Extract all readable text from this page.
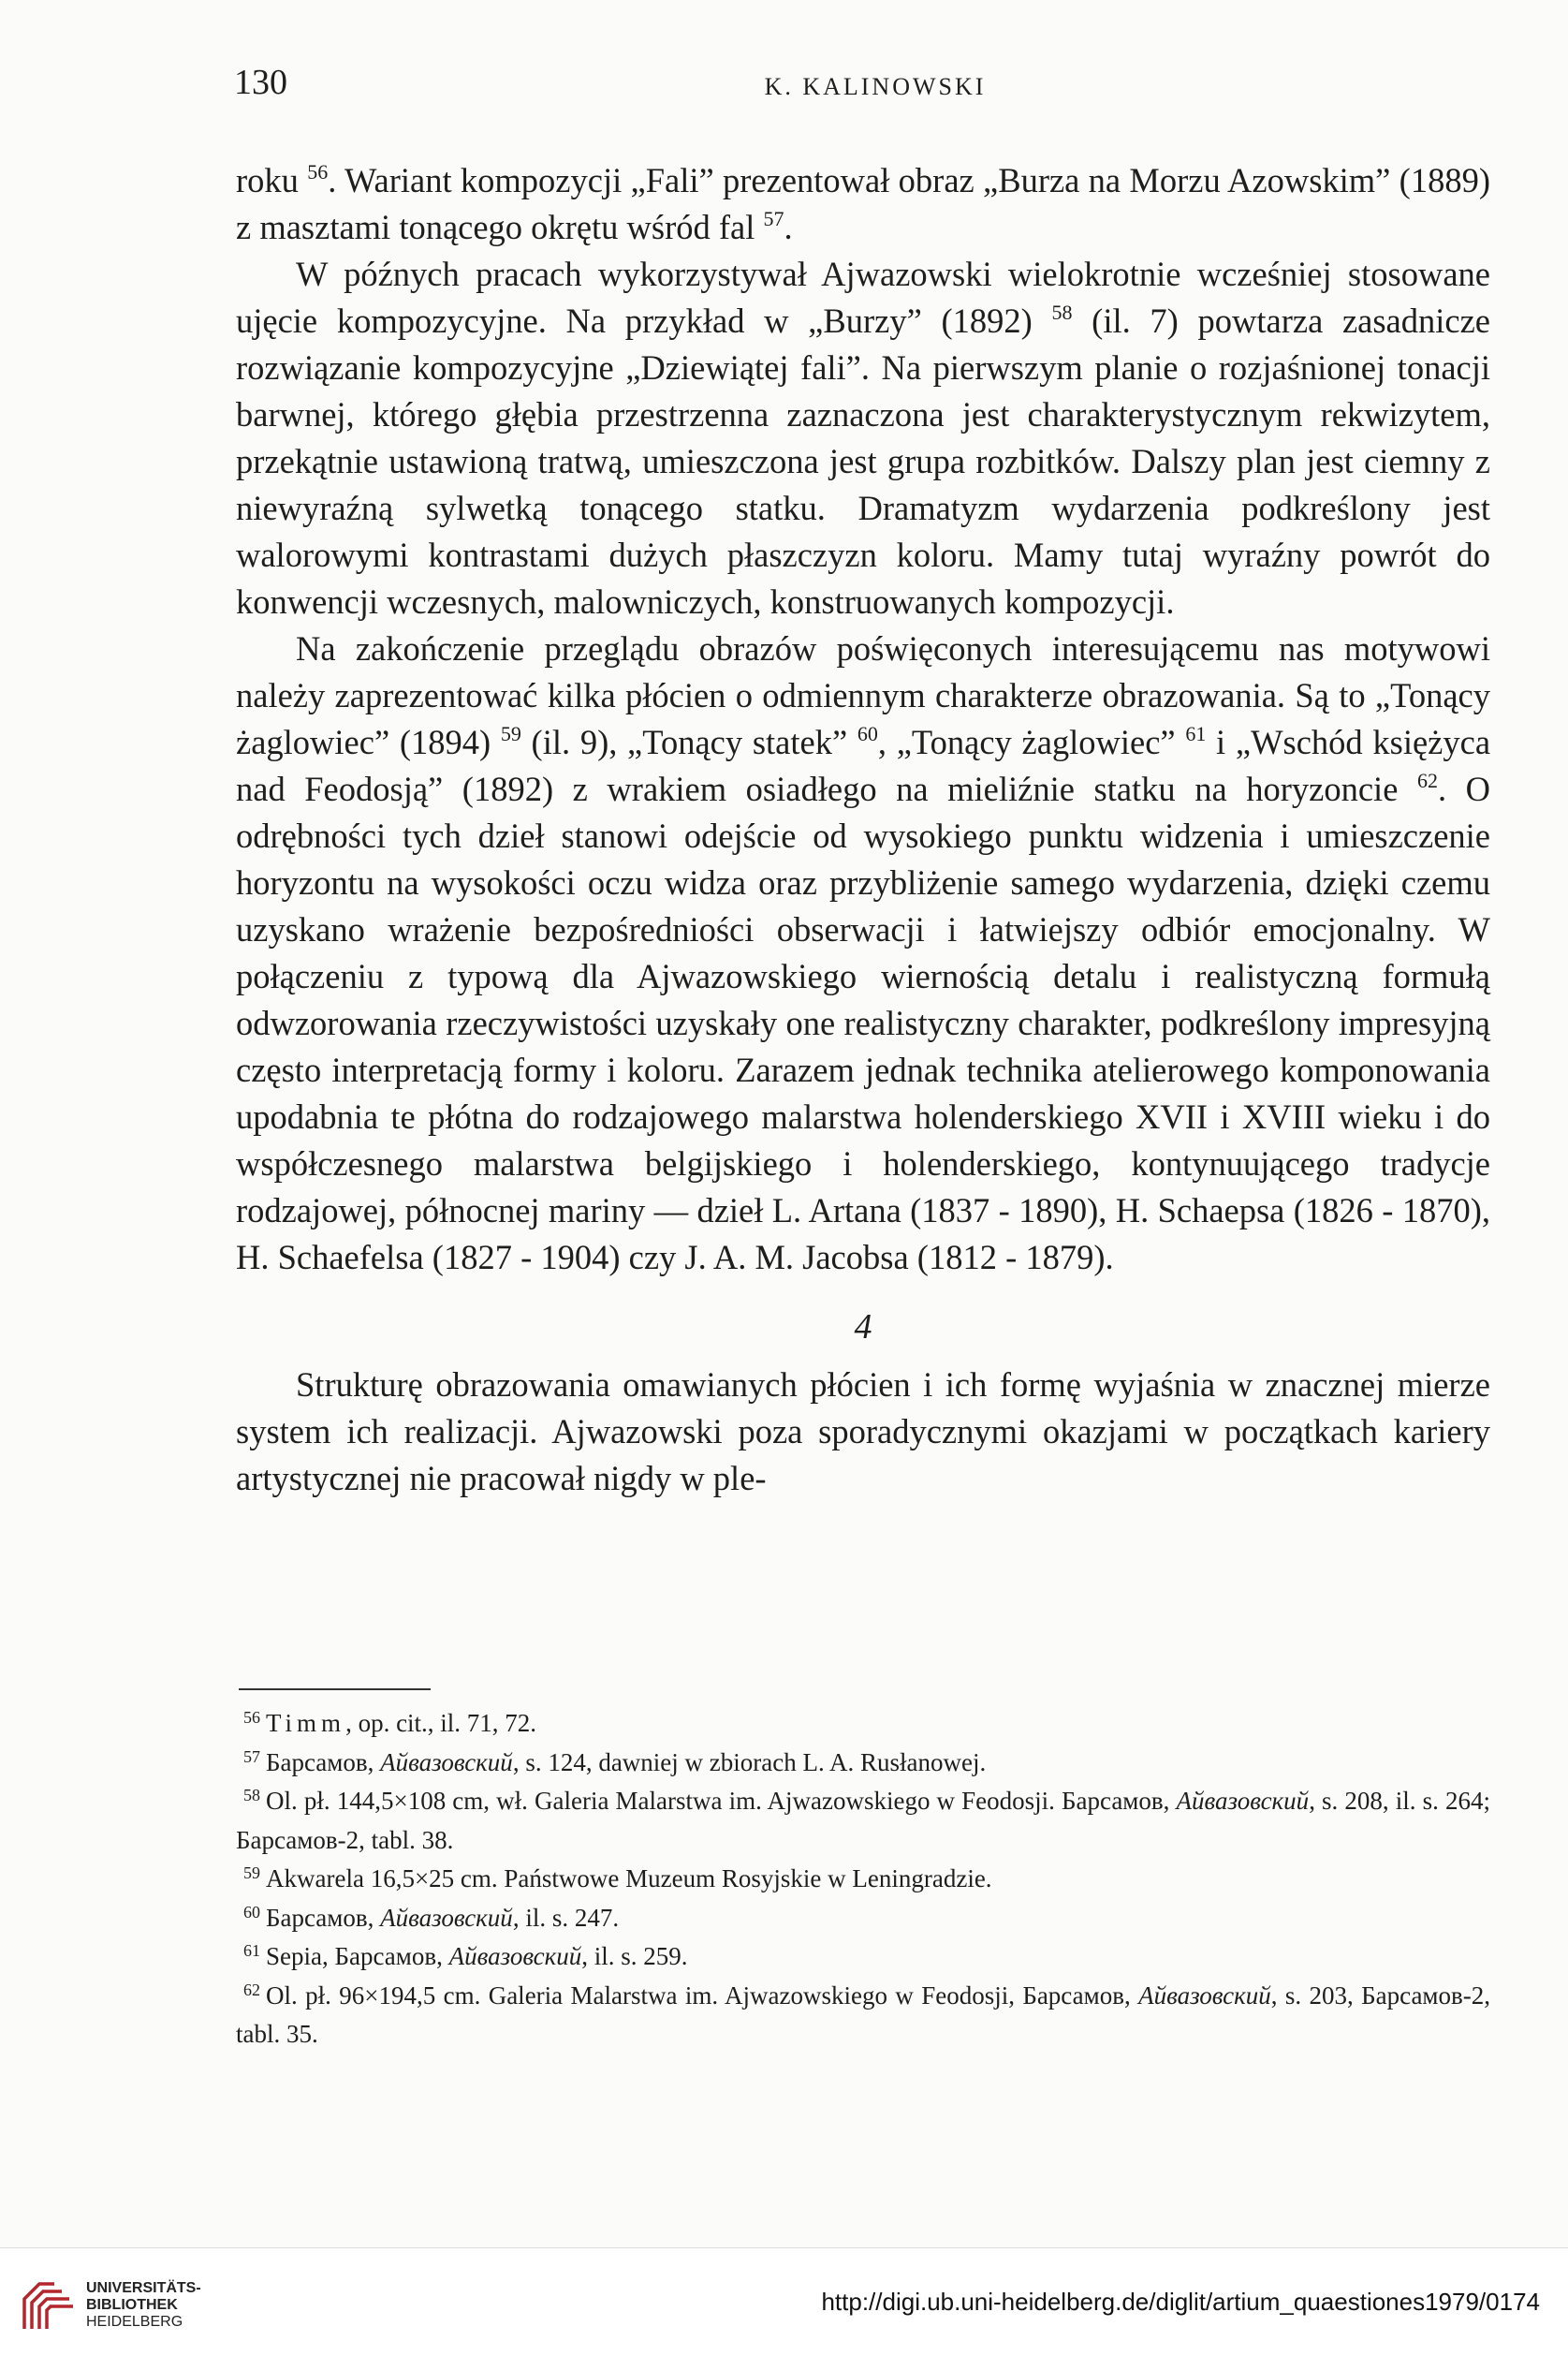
130	K. KALINOWSKI

roku $^{56}$. Wariant kompozycji „Fali” prezentował obraz „Burza na Morzu Azowskim” (1889) z masztami tonącego okrętu wśród fal $^{57}$.

W późnych pracach wykorzystywał Ajwazowski wielokrotnie wcześniej stosowane ujęcie kompozycyjne. Na przykład w „Burzy” (1892) $^{58}$ (il. 7) powtarza zasadnicze rozwiązanie kompozycyjne „Dziewiątej fali”. Na pierwszym planie o rozjaśnionej tonacji barwnej, którego głębia przestrzenna zaznaczona jest charakterystycznym rekwizytem, przekątnie ustawioną tratwą, umieszczona jest grupa rozbitków. Dalszy plan jest ciemny z niewyraźną sylwetką tonącego statku. Dramatyzm wydarzenia podkreślony jest walorowymi kontrastami dużych płaszczyzn koloru. Mamy tutaj wyraźny powrót do konwencji wczesnych, malowniczych, konstruowanych kompozycji.

Na zakończenie przeglądu obrazów poświęconych interesującemu nas motywowi należy zaprezentować kilka płócien o odmiennym charakterze obrazowania. Są to „Tonący żaglowiec” (1894) $^{59}$ (il. 9), „Tonący statek” $^{60}$, „Tonący żaglowiec” $^{61}$ i „Wschód księżyca nad Feodosją” (1892) z wrakiem osiadłego na mieliźnie statku na horyzoncie $^{62}$. O odrębności tych dzieł stanowi odejście od wysokiego punktu widzenia i umieszczenie horyzontu na wysokości oczu widza oraz przybliżenie samego wydarzenia, dzięki czemu uzyskano wrażenie bezpośredniości obserwacji i łatwiejszy odbiór emocjonalny. W połączeniu z typową dla Ajwazowskiego wiernością detalu i realistyczną formułą odwzorowania rzeczywistości uzyskały one realistyczny charakter, podkreślony impresyjną często interpretacją formy i koloru. Zarazem jednak technika atelierowego komponowania upodabnia te płótna do rodzajowego malarstwa holenderskiego XVII i XVIII wieku i do współczesnego malarstwa belgijskiego i holenderskiego, kontynuującego tradycje rodzajowej, północnej mariny — dzieł L. Artana (1837 - 1890), H. Schaepsa (1826 - 1870), H. Schaefelsa (1827 - 1904) czy J. A. M. Jacobsa (1812 - 1879).

4

Strukturę obrazowania omawianych płócien i ich formę wyjaśnia w znacznej mierze system ich realizacji. Ajwazowski poza sporadycznymi okazjami w początkach kariery artystycznej nie pracował nigdy w ple-

$^{56}$ Timm, op. cit., il. 71, 72.

$^{57}$ Барсамов, Айвазовский, s. 124, dawniej w zbiorach L. A. Rusłanowej.

$^{58}$ Ol. pł. 144,5×108 cm, wł. Galeria Malarstwa im. Ajwazowskiego w Feodosji. Барсамов, Айвазовский, s. 208, il. s. 264; Барсамов-2, tabl. 38.

$^{59}$ Akwarela 16,5×25 cm. Państwowe Muzeum Rosyjskie w Leningradzie.

$^{60}$ Барсамов, Айвазовский, il. s. 247.

$^{61}$ Sepia, Барсамов, Айвазовский, il. s. 259.

$^{62}$ Ol. pł. 96×194,5 cm. Galeria Malarstwa im. Ajwazowskiego w Feodosji, Барсамов, Айвазовский, s. 203, Барсамов-2, tabl. 35.

UNIVERSITÄTS-
BIBLIOTHEK
HEIDELBERG
http://digi.ub.uni-heidelberg.de/diglit/artium_quaestiones1979/0174
